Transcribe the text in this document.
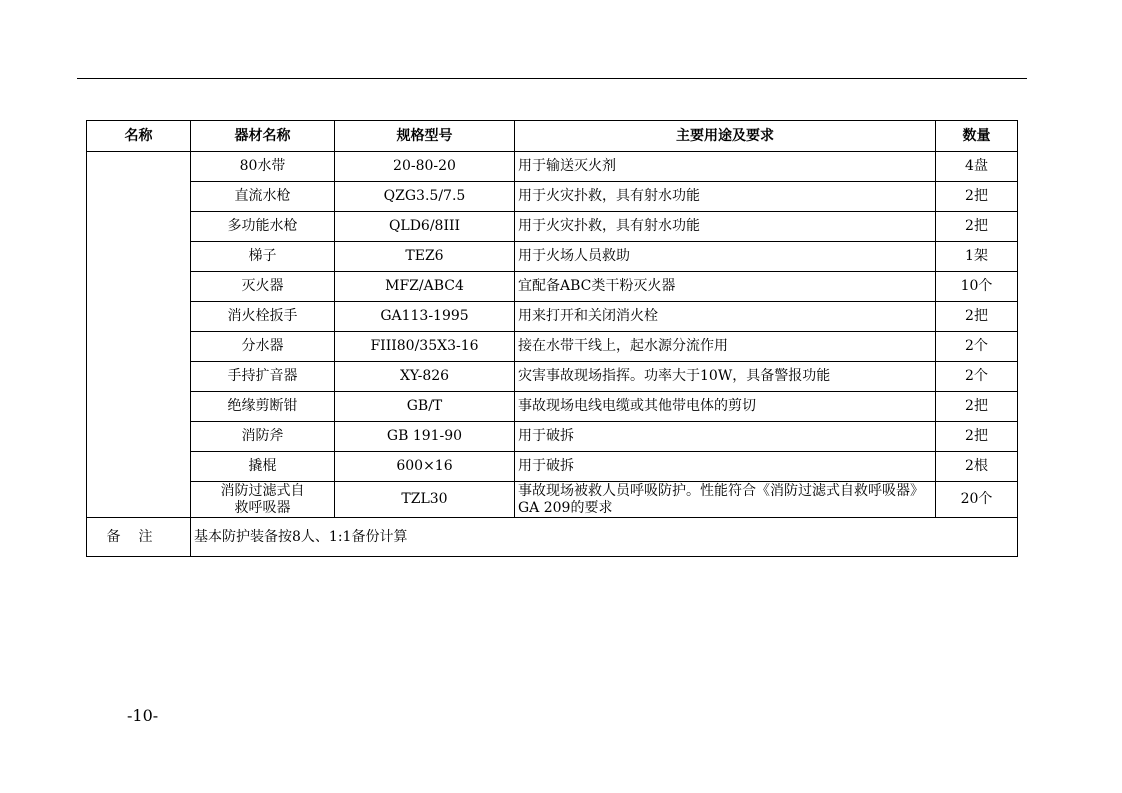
名称	器材名称	规格型号	主要用途及要求	数量
	80水带	20-80-20	用于输送灭火剂	4盘
	直流水枪	QZG3.5/7.5	用于火灾扑救，具有射水功能	2把
	多功能水枪	QLD6/8III	用于火灾扑救，具有射水功能	2把
	梯子	TEZ6	用于火场人员救助	1架
	灭火器	MFZ/ABC4	宜配备ABC类干粉灭火器	10个
	消火栓扳手	GA113-1995	用来打开和关闭消火栓	2把
	分水器	FIII80/35X3-16	接在水带干线上，起水源分流作用	2个
	手持扩音器	XY-826	灾害事故现场指挥。功率大于10W，具备警报功能	2个
	绝缘剪断钳	GB/T	事故现场电线电缆或其他带电体的剪切	2把
	消防斧	GB 191-90	用于破拆	2把
	撬棍	600×16	用于破拆	2根
	消防过滤式自救呼吸器	TZL30	事故现场被救人员呼吸防护。性能符合《消防过滤式自救呼吸器》GA 209的要求	20个
备注	基本防护装备按8人、1:1备份计算			
-10-
